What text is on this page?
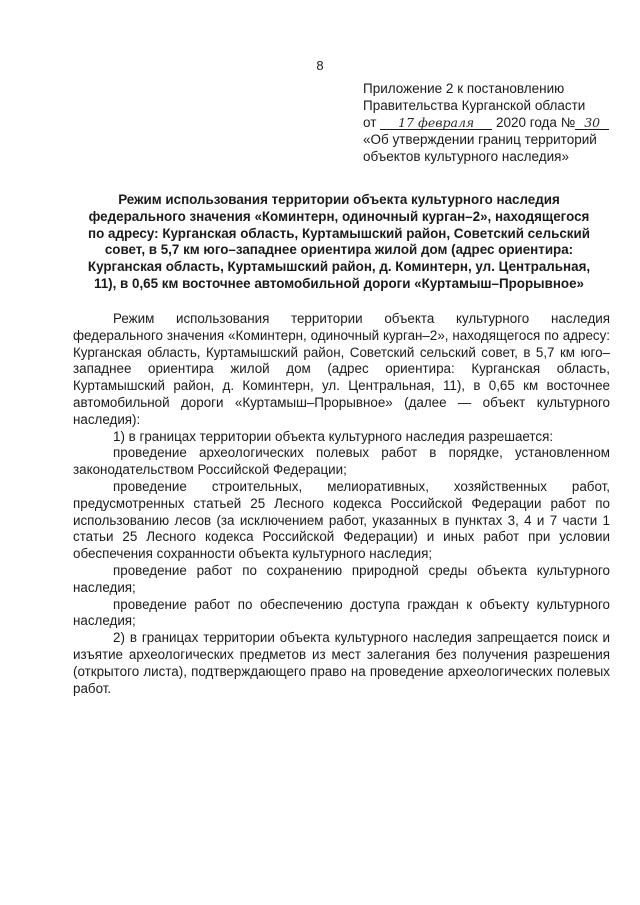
8
Приложение 2 к постановлению
Правительства Курганской области
от 17 февраля 2020 года № 30
«Об утверждении границ территорий
объектов культурного наследия»
Режим использования территории объекта культурного наследия
федерального значения «Коминтерн, одиночный курган–2», находящегося
по адресу: Курганская область, Куртамышский район, Советский сельский
совет, в 5,7 км юго–западнее ориентира жилой дом (адрес ориентира:
Курганская область, Куртамышский район, д. Коминтерн, ул. Центральная,
11), в 0,65 км восточнее автомобильной дороги «Куртамыш–Прорывное»

Режим использования территории объекта культурного наследия федерального значения «Коминтерн, одиночный курган–2», находящегося по адресу: Курганская область, Куртамышский район, Советский сельский совет, в 5,7 км юго–западнее ориентира жилой дом (адрес ориентира: Курганская область, Куртамышский район, д. Коминтерн, ул. Центральная, 11), в 0,65 км восточнее автомобильной дороги «Куртамыш–Прорывное» (далее — объект культурного наследия):

1) в границах территории объекта культурного наследия разрешается:

проведение археологических полевых работ в порядке, установленном законодательством Российской Федерации;

проведение строительных, мелиоративных, хозяйственных работ, предусмотренных статьей 25 Лесного кодекса Российской Федерации работ по использованию лесов (за исключением работ, указанных в пунктах 3, 4 и 7 части 1 статьи 25 Лесного кодекса Российской Федерации) и иных работ при условии обеспечения сохранности объекта культурного наследия;

проведение работ по сохранению природной среды объекта культурного наследия;

проведение работ по обеспечению доступа граждан к объекту культурного наследия;

2) в границах территории объекта культурного наследия запрещается поиск и изъятие археологических предметов из мест залегания без получения разрешения (открытого листа), подтверждающего право на проведение археологических полевых работ.
